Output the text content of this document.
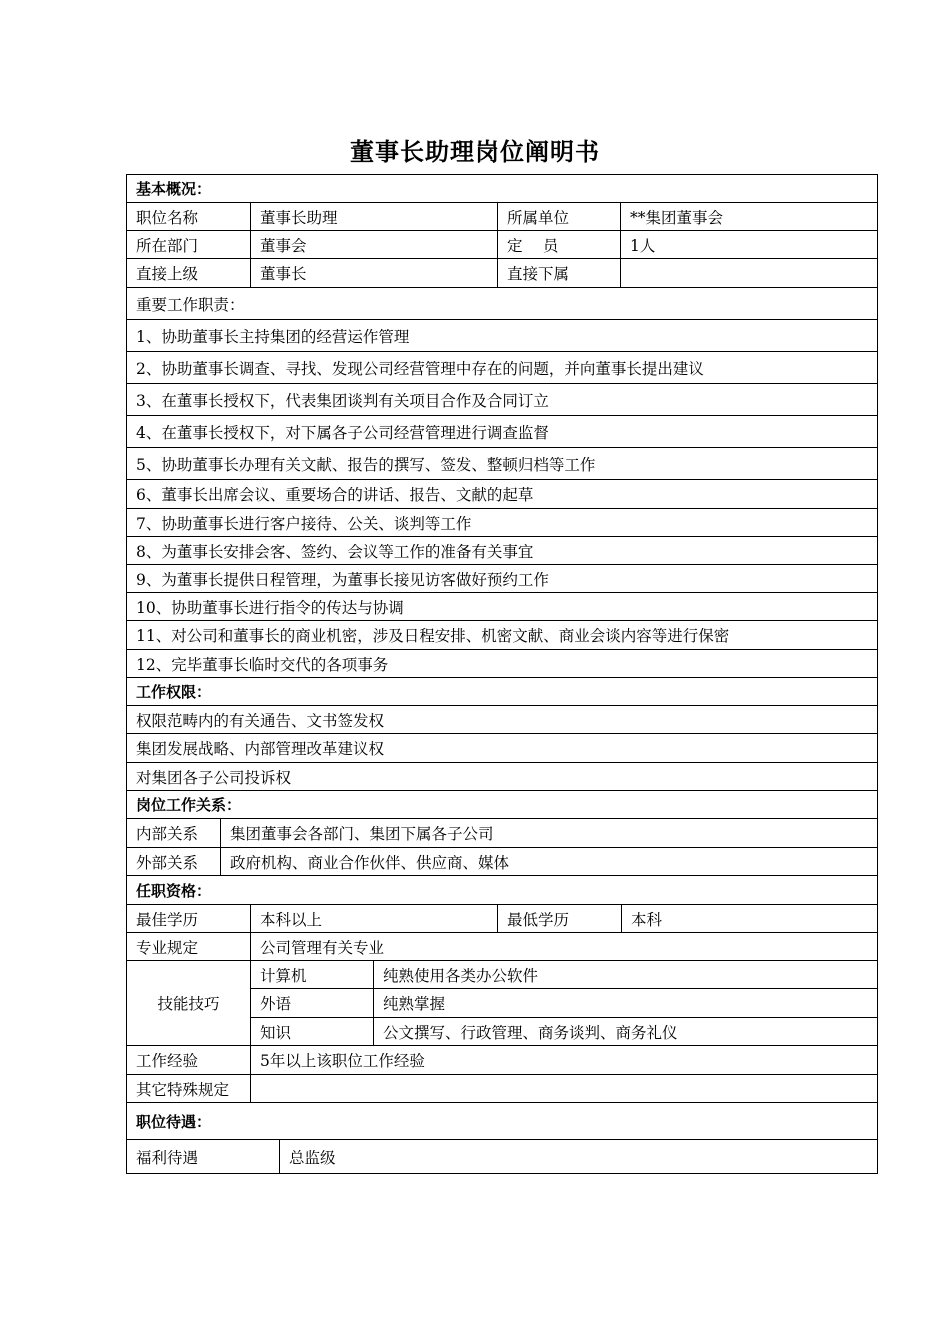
董事长助理岗位阐明书
基本概况：
职位名称	董事长助理	所属单位	**集团董事会
所在部门	董事会	定　 员	1人
直接上级	董事长	直接下属
重要工作职责：
1、协助董事长主持集团的经营运作管理
2、协助董事长调查、寻找、发现公司经营管理中存在的问题，并向董事长提出建议
3、在董事长授权下，代表集团谈判有关项目合作及合同订立
4、在董事长授权下，对下属各子公司经营管理进行调查监督
5、协助董事长办理有关文献、报告的撰写、签发、整顿归档等工作
6、董事长出席会议、重要场合的讲话、报告、文献的起草
7、协助董事长进行客户接待、公关、谈判等工作
8、为董事长安排会客、签约、会议等工作的准备有关事宜
9、为董事长提供日程管理，为董事长接见访客做好预约工作
10、协助董事长进行指令的传达与协调
11、对公司和董事长的商业机密，涉及日程安排、机密文献、商业会谈内容等进行保密
12、完毕董事长临时交代的各项事务
工作权限：
权限范畴内的有关通告、文书签发权
集团发展战略、内部管理改革建议权
对集团各子公司投诉权
岗位工作关系：
内部关系	集团董事会各部门、集团下属各子公司
外部关系	政府机构、商业合作伙伴、供应商、媒体
任职资格：
最佳学历	本科以上	最低学历	本科
专业规定	公司管理有关专业
技能技巧
计算机	纯熟使用各类办公软件
外语	纯熟掌握
知识	公文撰写、行政管理、商务谈判、商务礼仪
工作经验	5年以上该职位工作经验
其它特殊规定
职位待遇：
福利待遇	总监级
